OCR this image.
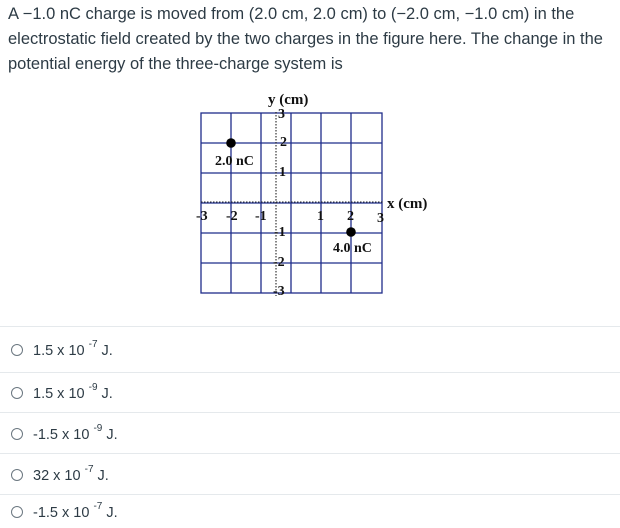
A −1.0 nC charge is moved from (2.0 cm, 2.0 cm) to (−2.0 cm, −1.0 cm) in the electrostatic field created by the two charges in the figure here. The change in the potential energy of the three-charge system is
y (cm)
x (cm)
-3 -2 -1	1 2 3
3
2
1
-1
-2
-3
2.0 nC
4.0 nC
1.5 x 10 $^{-7}$ J.
1.5 x 10 $^{-9}$ J.
-1.5 x 10 $^{-9}$ J.
32 x 10 $^{-7}$ J.
-1.5 x 10 $^{-7}$ J.
